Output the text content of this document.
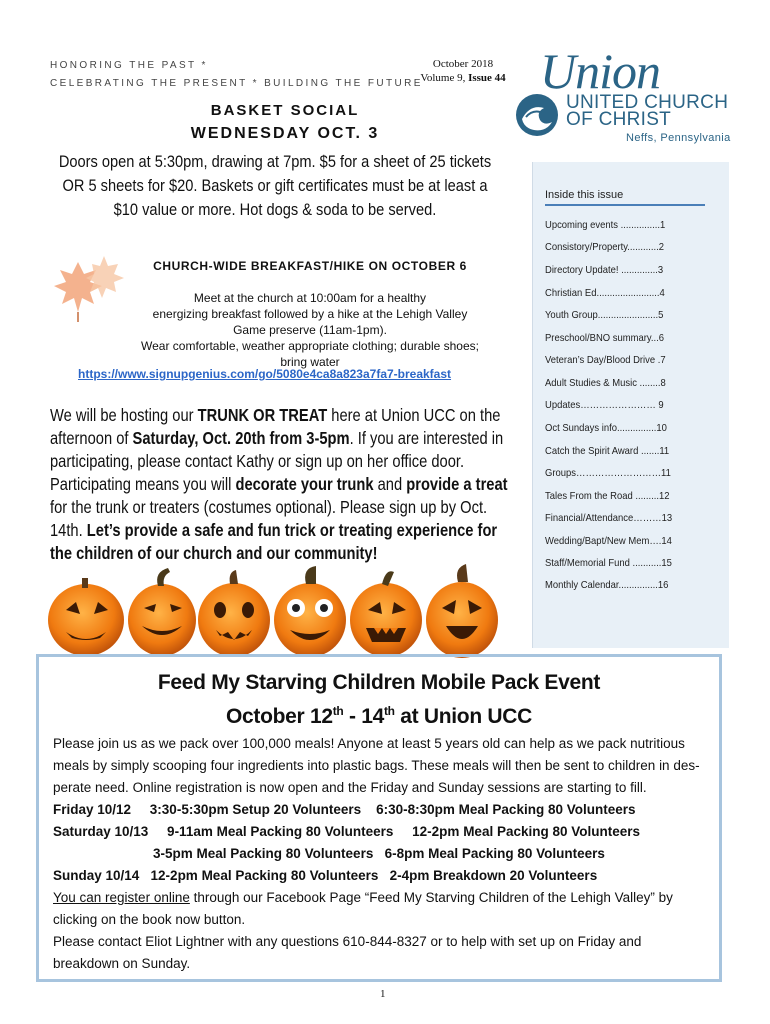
HONORING THE PAST *
CELEBRATING THE PRESENT * BUILDING THE FUTURE
October 2018
Volume 9, Issue 44 Union
UNITED CHURCH
OF CHRIST
Neffs, Pennsylvania
BASKET SOCIAL
WEDNESDAY OCT. 3
Doors open at 5:30pm, drawing at 7pm. $5 for a sheet of 25 tickets
OR 5 sheets for $20. Baskets or gift certificates must be at least a
$10 value or more. Hot dogs & soda to be served.
CHURCH-WIDE BREAKFAST/HIKE ON OCTOBER 6
Meet at the church at 10:00am for a healthy
energizing breakfast followed by a hike at the Lehigh Valley
Game preserve (11am-1pm).
Wear comfortable, weather appropriate clothing; durable shoes;
bring water
https://www.signupgenius.com/go/5080e4ca8a823a7fa7-breakfast
We will be hosting our TRUNK OR TREAT here at Union UCC on the afternoon of Saturday, Oct. 20th from 3-5pm. If you are interested in participating, please contact Kathy or sign up on her office door. Participating means you will decorate your trunk and provide a treat for the trunk or treaters (costumes optional). Please sign up by Oct. 14th. Let’s provide a safe and fun trick or treating experience for the children of our church and our community!
Inside this issue
Upcoming events ...............1
Consistory/Property............2
Directory Update! ..............3
Christian Ed........................4
Youth Group.......................5
Preschool/BNO summary...6
Veteran’s Day/Blood Drive .7
Adult Studies & Music ........8
Updates…………………… 9
Oct Sundays info...............10
Catch the Spirit Award .......11
Groups………………………11
Tales From the Road .........12
Financial/Attendance………13
Wedding/Bapt/New Mem….14
Staff/Memorial Fund ...........15
Monthly Calendar...............16
Feed My Starving Children Mobile Pack Event
October 12th - 14th at Union UCC
Please join us as we pack over 100,000 meals! Anyone at least 5 years old can help as we pack nutritious meals by simply scooping four ingredients into plastic bags. These meals will then be sent to children in des-perate need. Online registration is now open and the Friday and Sunday sessions are starting to fill.
Friday 10/12     3:30-5:30pm Setup 20 Volunteers    6:30-8:30pm Meal Packing 80 Volunteers
Saturday 10/13     9-11am Meal Packing 80 Volunteers     12-2pm Meal Packing 80 Volunteers
3-5pm Meal Packing 80 Volunteers   6-8pm Meal Packing 80 Volunteers
Sunday 10/14   12-2pm Meal Packing 80 Volunteers   2-4pm Breakdown 20 Volunteers
You can register online through our Facebook Page “Feed My Starving Children of the Lehigh Valley” by clicking on the book now button.
Please contact Eliot Lightner with any questions 610-844-8327 or to help with set up on Friday and breakdown on Sunday.
1
